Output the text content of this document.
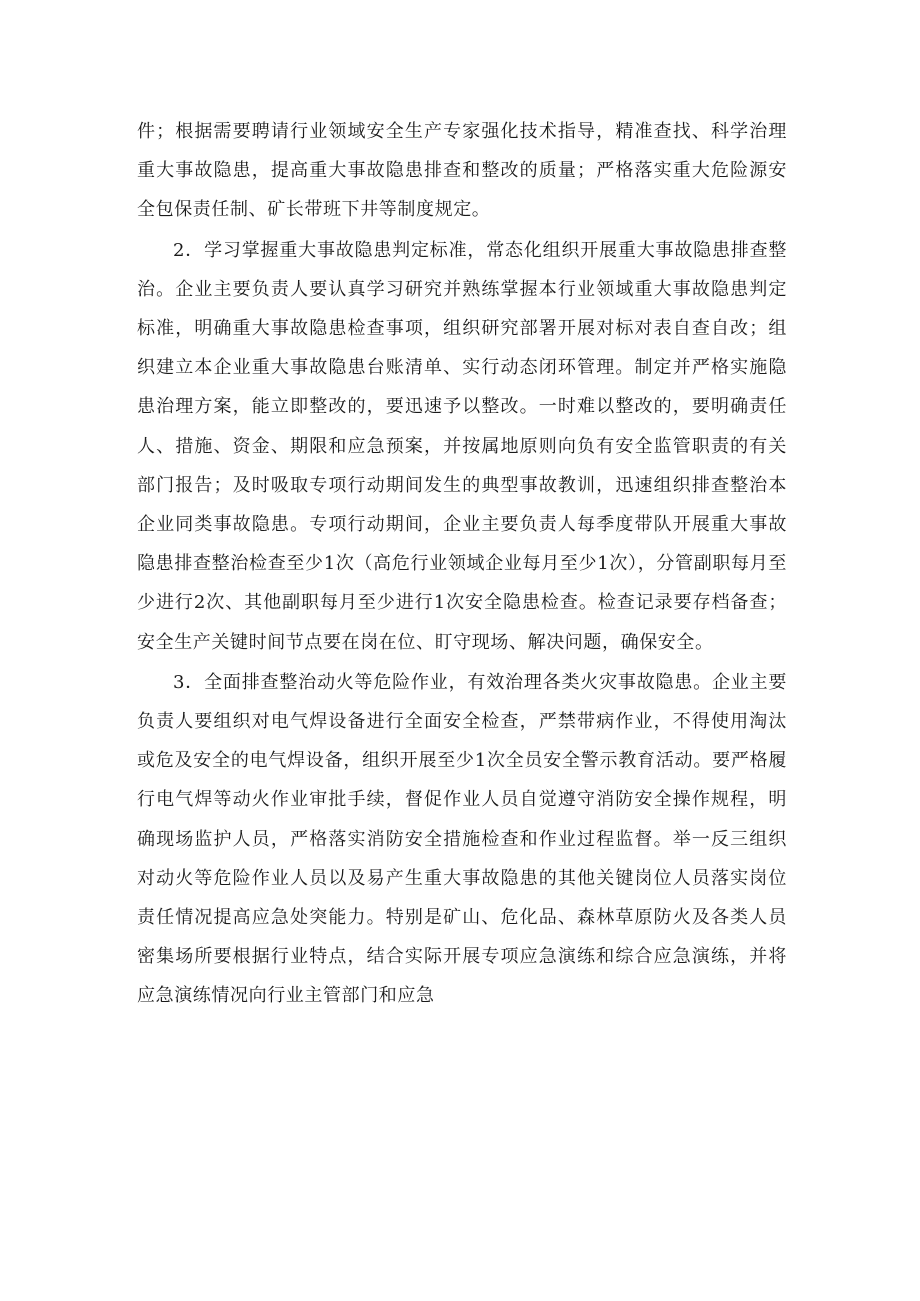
件；根据需要聘请行业领域安全生产专家强化技术指导，精准查找、科学治理重大事故隐患，提高重大事故隐患排查和整改的质量；严格落实重大危险源安全包保责任制、矿长带班下井等制度规定。

2．学习掌握重大事故隐患判定标准，常态化组织开展重大事故隐患排查整治。企业主要负责人要认真学习研究并熟练掌握本行业领域重大事故隐患判定标准，明确重大事故隐患检查事项，组织研究部署开展对标对表自查自改；组织建立本企业重大事故隐患台账清单、实行动态闭环管理。制定并严格实施隐患治理方案，能立即整改的，要迅速予以整改。一时难以整改的，要明确责任人、措施、资金、期限和应急预案，并按属地原则向负有安全监管职责的有关部门报告；及时吸取专项行动期间发生的典型事故教训，迅速组织排查整治本企业同类事故隐患。专项行动期间，企业主要负责人每季度带队开展重大事故隐患排查整治检查至少1次（高危行业领域企业每月至少1次），分管副职每月至少进行2次、其他副职每月至少进行1次安全隐患检查。检查记录要存档备查；安全生产关键时间节点要在岗在位、盯守现场、解决问题，确保安全。

3．全面排查整治动火等危险作业，有效治理各类火灾事故隐患。企业主要负责人要组织对电气焊设备进行全面安全检查，严禁带病作业，不得使用淘汰或危及安全的电气焊设备，组织开展至少1次全员安全警示教育活动。要严格履行电气焊等动火作业审批手续，督促作业人员自觉遵守消防安全操作规程，明确现场监护人员，严格落实消防安全措施检查和作业过程监督。举一反三组织对动火等危险作业人员以及易产生重大事故隐患的其他关键岗位人员落实岗位责任情况提高应急处突能力。特别是矿山、危化品、森林草原防火及各类人员密集场所要根据行业特点，结合实际开展专项应急演练和综合应急演练，并将应急演练情况向行业主管部门和应急
